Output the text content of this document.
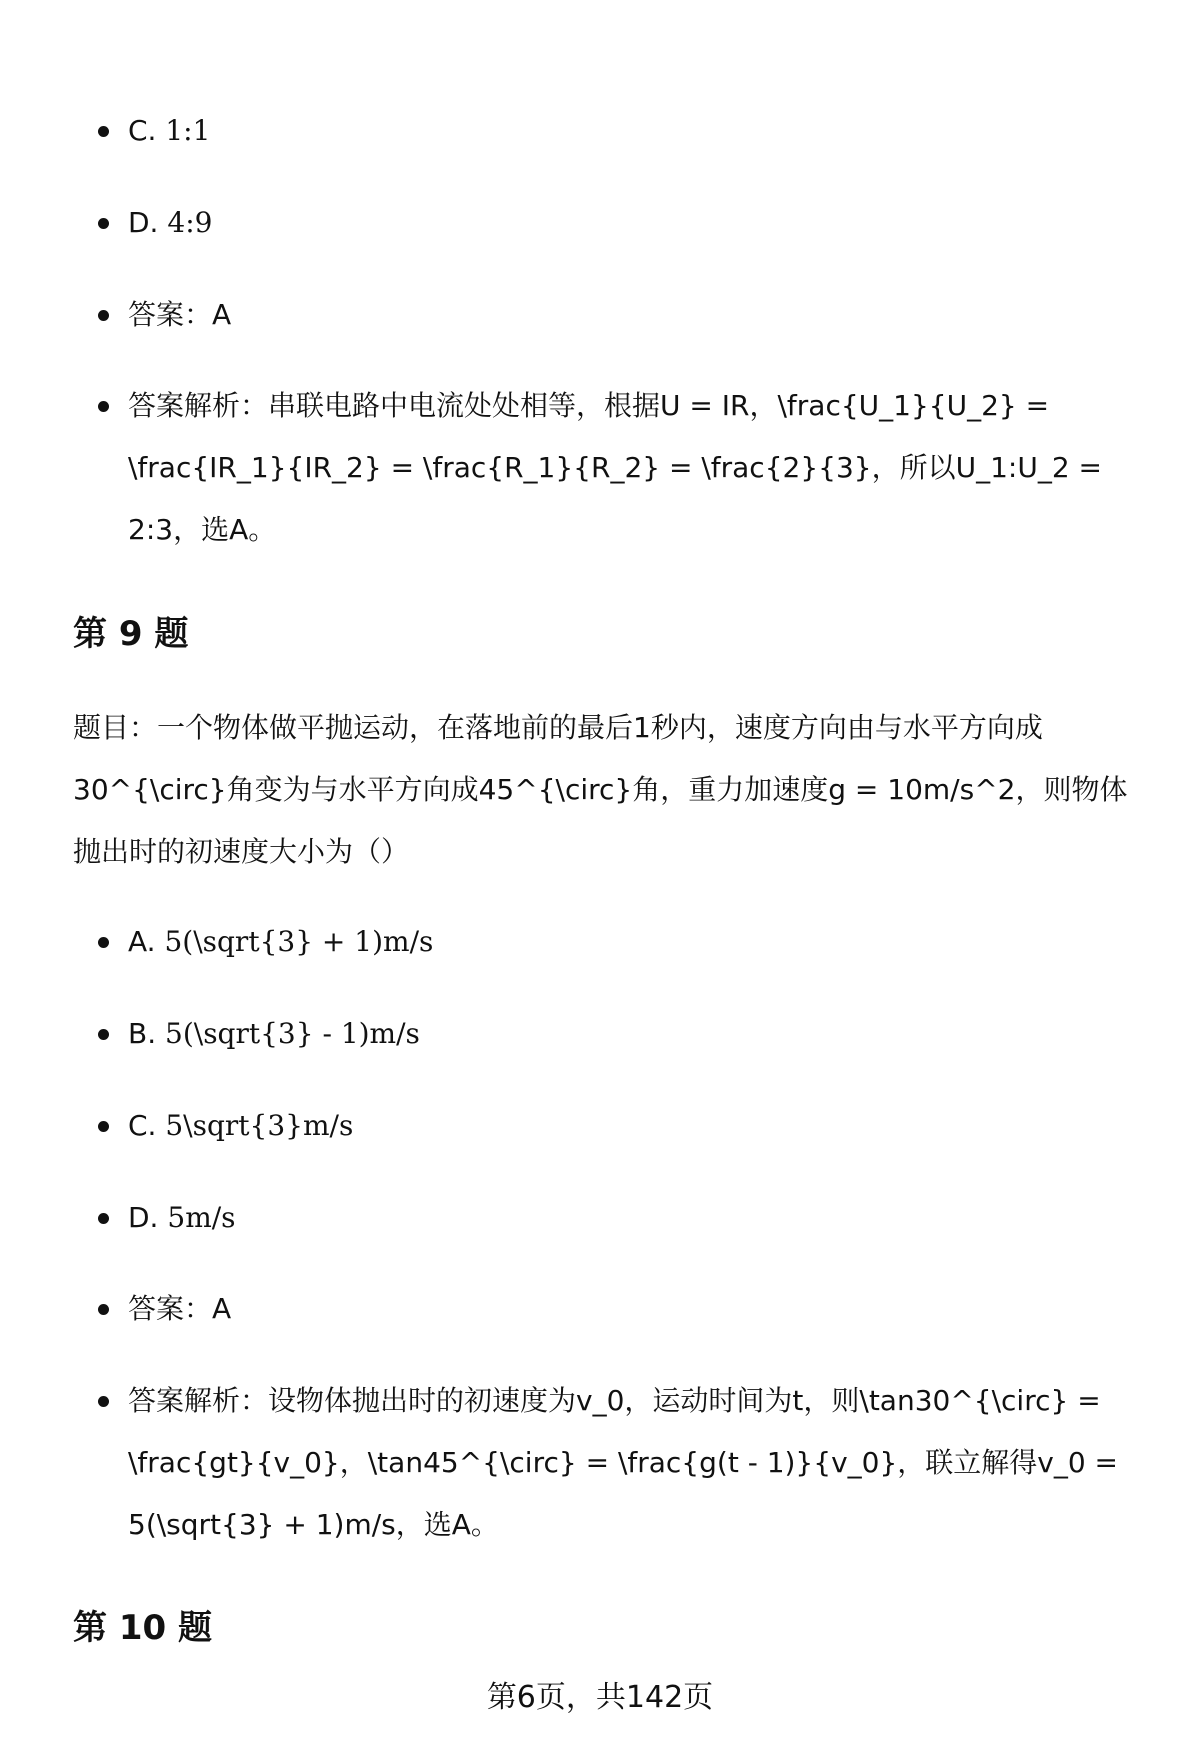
C. 1:1
D. 4:9
答案：A
答案解析：串联电路中电流处处相等，根据U = IR，\frac{U_1}{U_2} = \frac{IR_1}{IR_2} = \frac{R_1}{R_2} = \frac{2}{3}，所以U_1:U_2 = 2:3，选A。
第 9 题

题目：一个物体做平抛运动，在落地前的最后1秒内，速度方向由与水平方向成30^{\circ}角变为与水平方向成45^{\circ}角，重力加速度g = 10m/s^2，则物体抛出时的初速度大小为（）

A. 5(\sqrt{3} + 1)m/s
B. 5(\sqrt{3} - 1)m/s
C. 5\sqrt{3}m/s
D. 5m/s
答案：A
答案解析：设物体抛出时的初速度为v_0，运动时间为t，则\tan30^{\circ} = \frac{gt}{v_0}，\tan45^{\circ} = \frac{g(t - 1)}{v_0}，联立解得v_0 = 5(\sqrt{3} + 1)m/s，选A。
第 10 题
第6页，共142页
